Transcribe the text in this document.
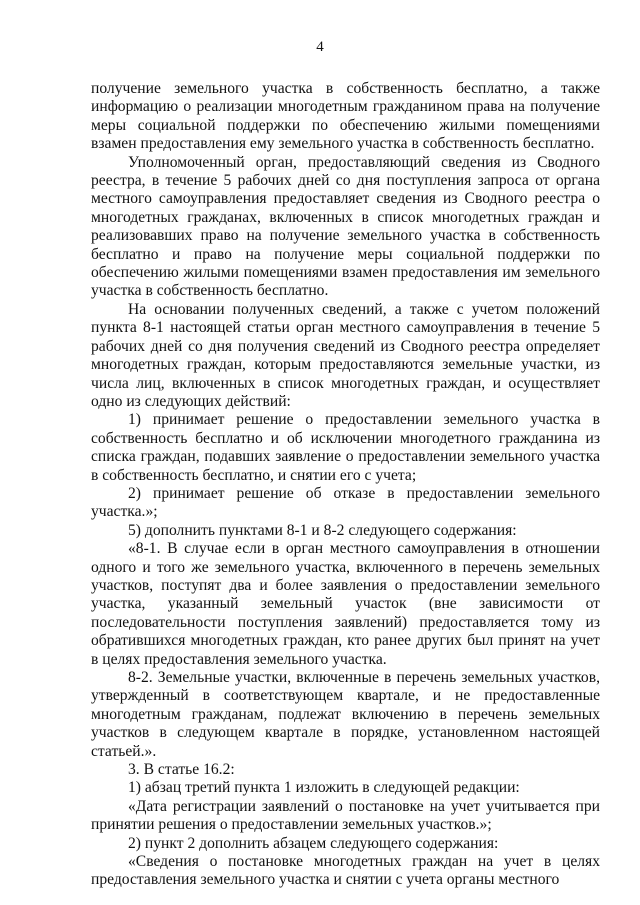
4

получение земельного участка в собственность бесплатно, а также информацию о реализации многодетным гражданином права на получение меры социальной поддержки по обеспечению жилыми помещениями взамен предоставления ему земельного участка в собственность бесплатно.

Уполномоченный орган, предоставляющий сведения из Сводного реестра, в течение 5 рабочих дней со дня поступления запроса от органа местного самоуправления предоставляет сведения из Сводного реестра о многодетных гражданах, включенных в список многодетных граждан и реализовавших право на получение земельного участка в собственность бесплатно и право на получение меры социальной поддержки по обеспечению жилыми помещениями взамен предоставления им земельного участка в собственность бесплатно.

На основании полученных сведений, а также с учетом положений пункта 8-1 настоящей статьи орган местного самоуправления в течение 5 рабочих дней со дня получения сведений из Сводного реестра определяет многодетных граждан, которым предоставляются земельные участки, из числа лиц, включенных в список многодетных граждан, и осуществляет одно из следующих действий:

1) принимает решение о предоставлении земельного участка в собственность бесплатно и об исключении многодетного гражданина из списка граждан, подавших заявление о предоставлении земельного участка в собственность бесплатно, и снятии его с учета;

2) принимает решение об отказе в предоставлении земельного участка.»;

5) дополнить пунктами 8-1 и 8-2 следующего содержания:

«8-1. В случае если в орган местного самоуправления в отношении одного и того же земельного участка, включенного в перечень земельных участков, поступят два и более заявления о предоставлении земельного участка, указанный земельный участок (вне зависимости от последовательности поступления заявлений) предоставляется тому из обратившихся многодетных граждан, кто ранее других был принят на учет в целях предоставления земельного участка.

8-2. Земельные участки, включенные в перечень земельных участков, утвержденный в соответствующем квартале, и не предоставленные многодетным гражданам, подлежат включению в перечень земельных участков в следующем квартале в порядке, установленном настоящей статьей.».

3. В статье 16.2:

1) абзац третий пункта 1 изложить в следующей редакции:

«Дата регистрации заявлений о постановке на учет учитывается при принятии решения о предоставлении земельных участков.»;

2) пункт 2 дополнить абзацем следующего содержания:

«Сведения о постановке многодетных граждан на учет в целях предоставления земельного участка и снятии с учета органы местного
